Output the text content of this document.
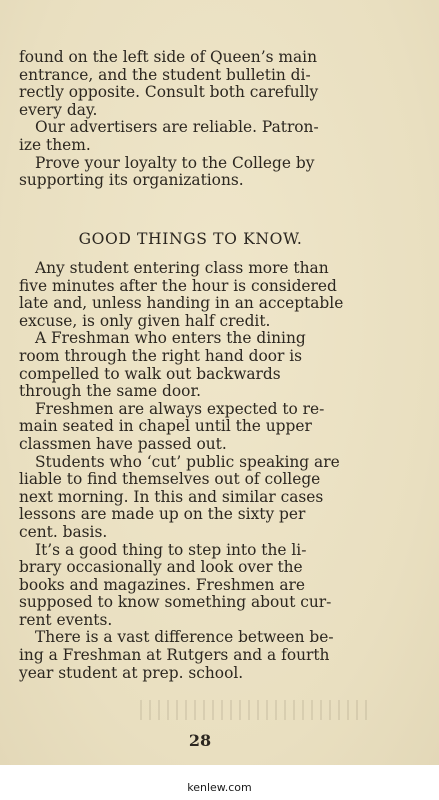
found on the left side of Queen’s main
entrance, and the student bulletin di-
rectly opposite. Consult both carefully
every day.

Our advertisers are reliable. Patron-
ize them.

Prove your loyalty to the College by
supporting its organizations.

GOOD THINGS TO KNOW.

Any student entering class more than
five minutes after the hour is considered
late and, unless handing in an acceptable
excuse, is only given half credit.

A Freshman who enters the dining
room through the right hand door is
compelled to walk out backwards
through the same door.

Freshmen are always expected to re-
main seated in chapel until the upper
classmen have passed out.

Students who ‘cut’ public speaking are
liable to find themselves out of college
next morning. In this and similar cases
lessons are made up on the sixty per
cent. basis.

It’s a good thing to step into the li-
brary occasionally and look over the
books and magazines. Freshmen are
supposed to know something about cur-
rent events.

There is a vast difference between be-
ing a Freshman at Rutgers and a fourth
year student at prep. school.

28
kenlew.com
